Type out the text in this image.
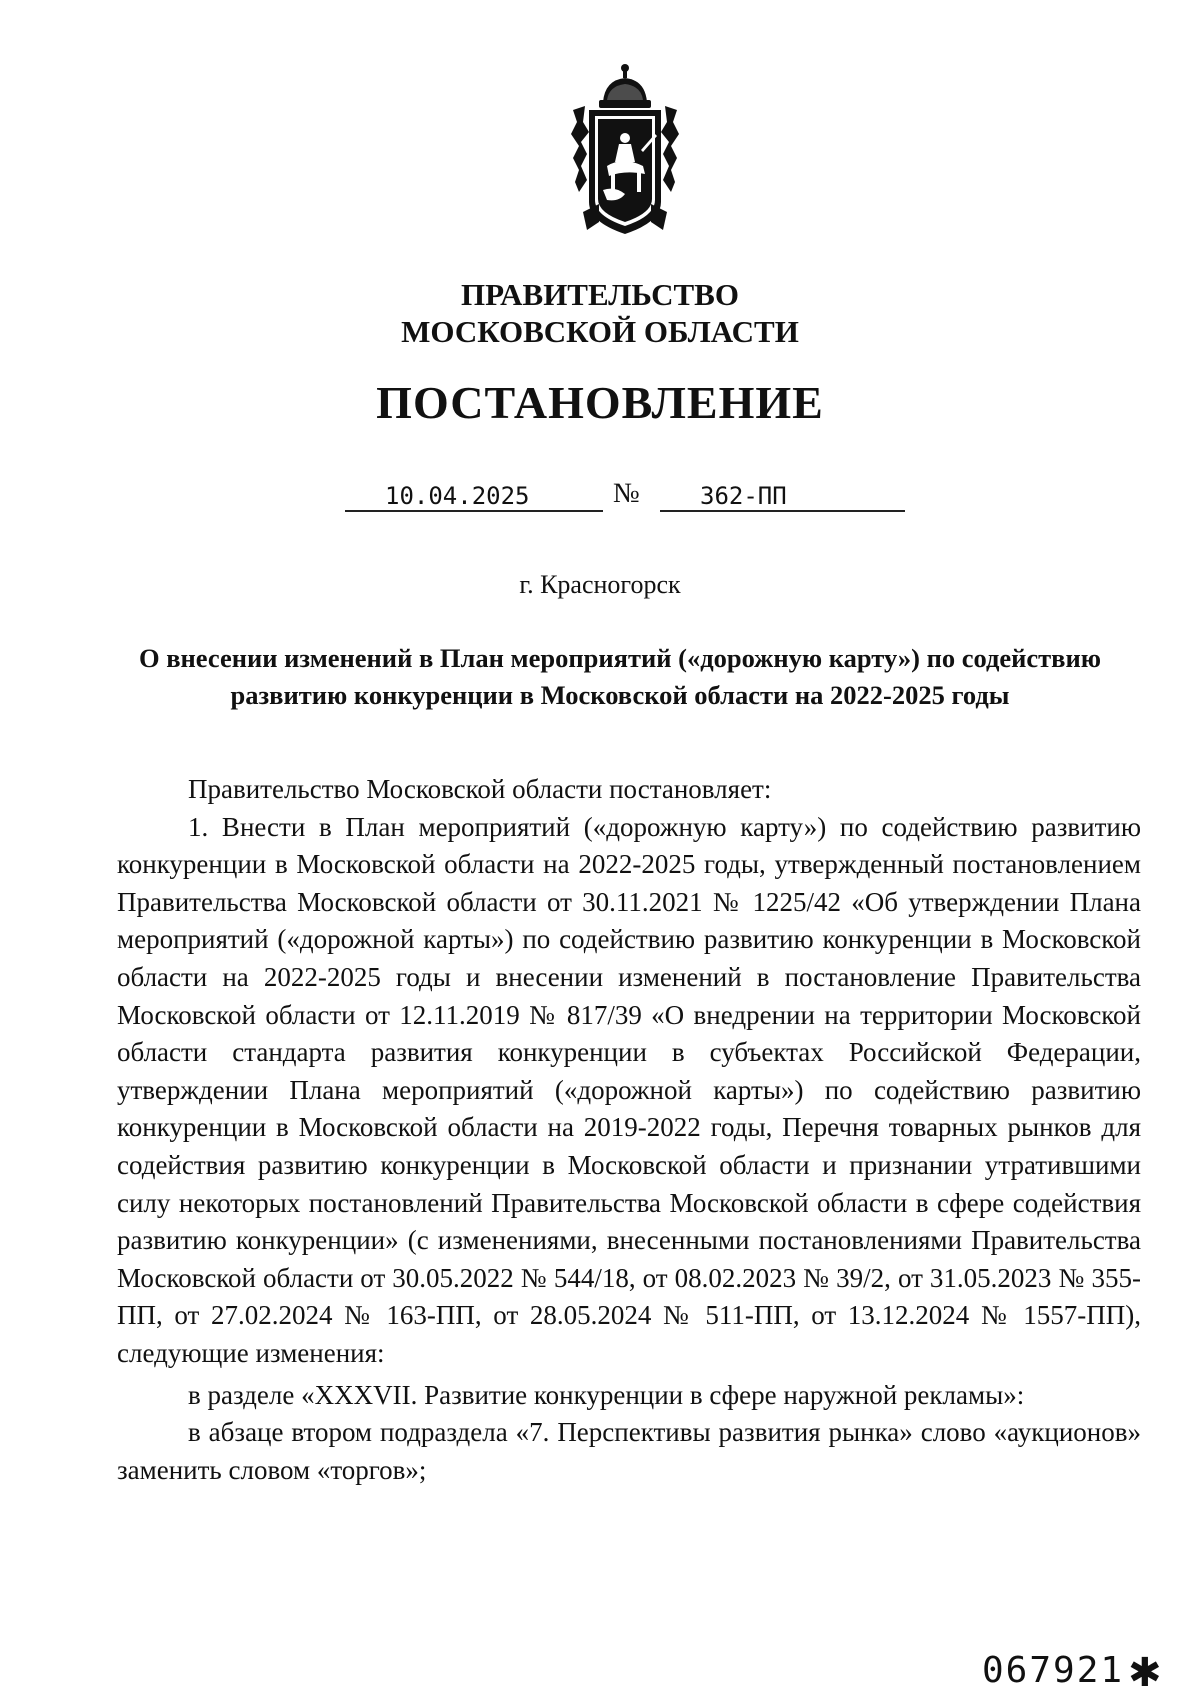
ПРАВИТЕЛЬСТВО
МОСКОВСКОЙ ОБЛАСТИ
ПОСТАНОВЛЕНИЕ
10.04.2025	№	362-ПП
г. Красногорск
О внесении изменений в План мероприятий («дорожную карту») по содействию
развитию конкуренции в Московской области на 2022-2025 годы

Правительство Московской области постановляет:

1. Внести в План мероприятий («дорожную карту») по содействию развитию конкуренции в Московской области на 2022-2025 годы, утвержденный постановлением Правительства Московской области от 30.11.2021 № 1225/42 «Об утверждении Плана мероприятий («дорожной карты») по содействию развитию конкуренции в Московской области на 2022-2025 годы и внесении изменений в постановление Правительства Московской области от 12.11.2019 № 817/39 «О внедрении на территории Московской области стандарта развития конкуренции в субъектах Российской Федерации, утверждении Плана мероприятий («дорожной карты») по содействию развитию конкуренции в Московской области на 2019-2022 годы, Перечня товарных рынков для содействия развитию конкуренции в Московской области и признании утратившими силу некоторых постановлений Правительства Московской области в сфере содействия развитию конкуренции» (с изменениями, внесенными постановлениями Правительства Московской области от 30.05.2022 № 544/18, от 08.02.2023 № 39/2, от 31.05.2023 № 355-ПП, от 27.02.2024 № 163-ПП, от 28.05.2024 № 511-ПП, от 13.12.2024 № 1557-ПП), следующие изменения:

в разделе «XXXVII. Развитие конкуренции в сфере наружной рекламы»:

в абзаце втором подраздела «7. Перспективы развития рынка» слово «аукционов» заменить словом «торгов»;

067921 ✱
